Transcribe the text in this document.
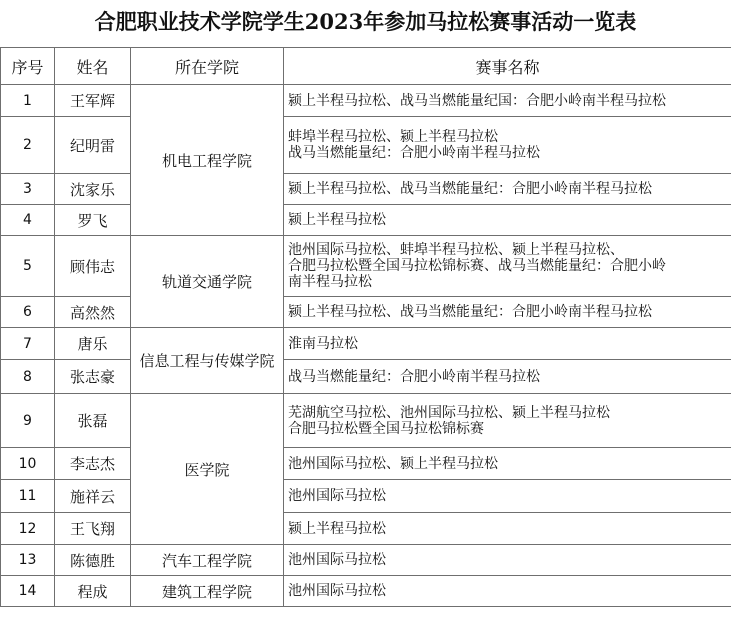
合肥职业技术学院学生2023年参加马拉松赛事活动一览表
序号	姓名	所在学院	赛事名称
1	王军辉	机电工程学院	颍上半程马拉松、战马当燃能量纪国：合肥小岭南半程马拉松

2	纪明雷		蚌埠半程马拉松、颍上半程马拉松
战马当燃能量纪：合肥小岭南半程马拉松

3	沈家乐		颍上半程马拉松、战马当燃能量纪：合肥小岭南半程马拉松

4	罗飞		颍上半程马拉松

5	顾伟志	轨道交通学院	池州国际马拉松、蚌埠半程马拉松、颍上半程马拉松、
合肥马拉松暨全国马拉松锦标赛、战马当燃能量纪：合肥小岭
南半程马拉松

6	高然然		颍上半程马拉松、战马当燃能量纪：合肥小岭南半程马拉松

7	唐乐	信息工程与传媒学院	淮南马拉松

8	张志豪		战马当燃能量纪：合肥小岭南半程马拉松

9	张磊	医学院	芜湖航空马拉松、池州国际马拉松、颍上半程马拉松
合肥马拉松暨全国马拉松锦标赛

10	李志杰		池州国际马拉松、颍上半程马拉松

11	施祥云		池州国际马拉松

12	王飞翔		颍上半程马拉松

13	陈德胜	汽车工程学院	池州国际马拉松

14	程成	建筑工程学院	池州国际马拉松
